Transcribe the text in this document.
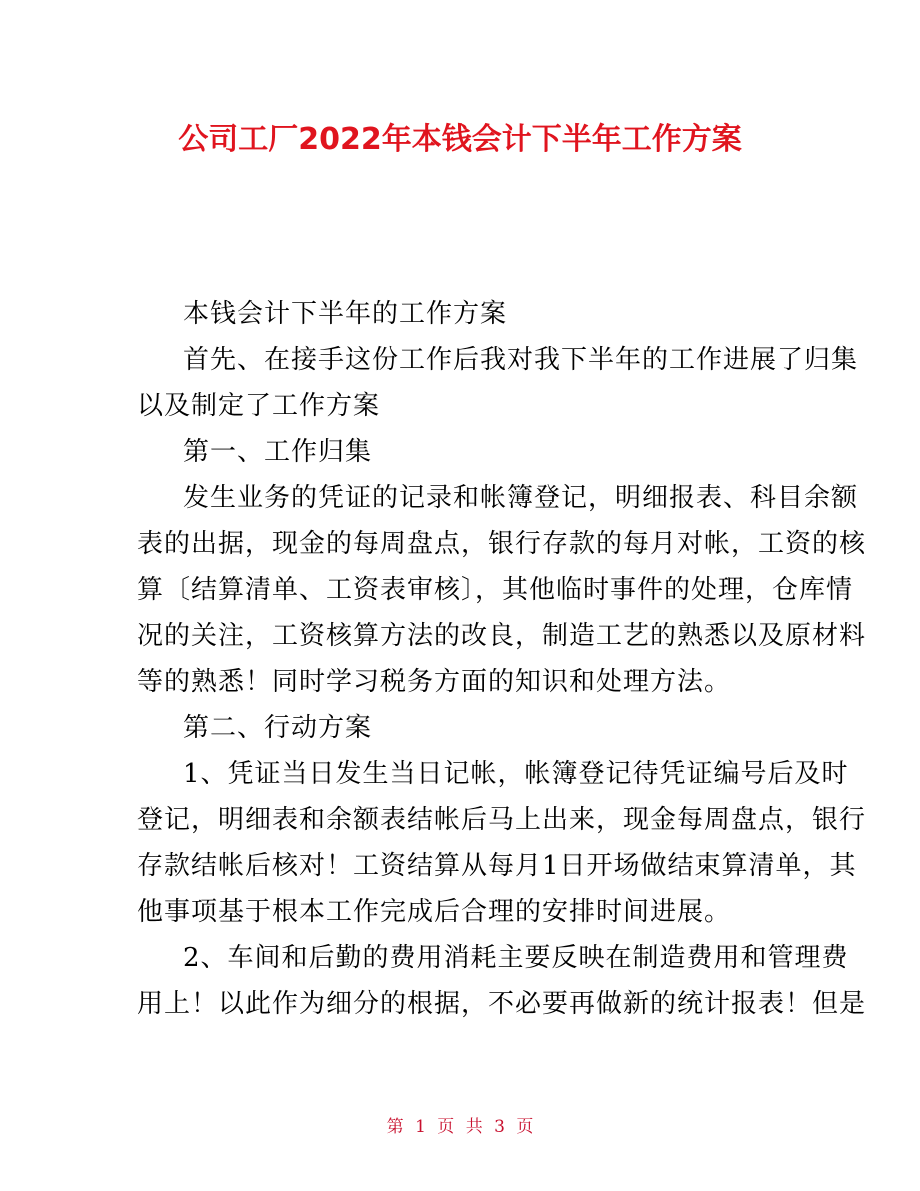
公司工厂2022年本钱会计下半年工作方案
本钱会计下半年的工作方案
首先、在接手这份工作后我对我下半年的工作进展了归集
以及制定了工作方案
第一、工作归集
发生业务的凭证的记录和帐簿登记，明细报表、科目余额
表的出据，现金的每周盘点，银行存款的每月对帐，工资的核
算〔结算清单、工资表审核〕，其他临时事件的处理，仓库情
况的关注，工资核算方法的改良，制造工艺的熟悉以及原材料
等的熟悉！同时学习税务方面的知识和处理方法。
第二、行动方案
1、凭证当日发生当日记帐，帐簿登记待凭证编号后及时
登记，明细表和余额表结帐后马上出来，现金每周盘点，银行
存款结帐后核对！工资结算从每月1日开场做结束算清单，其
他事项基于根本工作完成后合理的安排时间进展。
2、车间和后勤的费用消耗主要反映在制造费用和管理费
用上！以此作为细分的根据，不必要再做新的统计报表！但是
第 1 页 共 3 页
